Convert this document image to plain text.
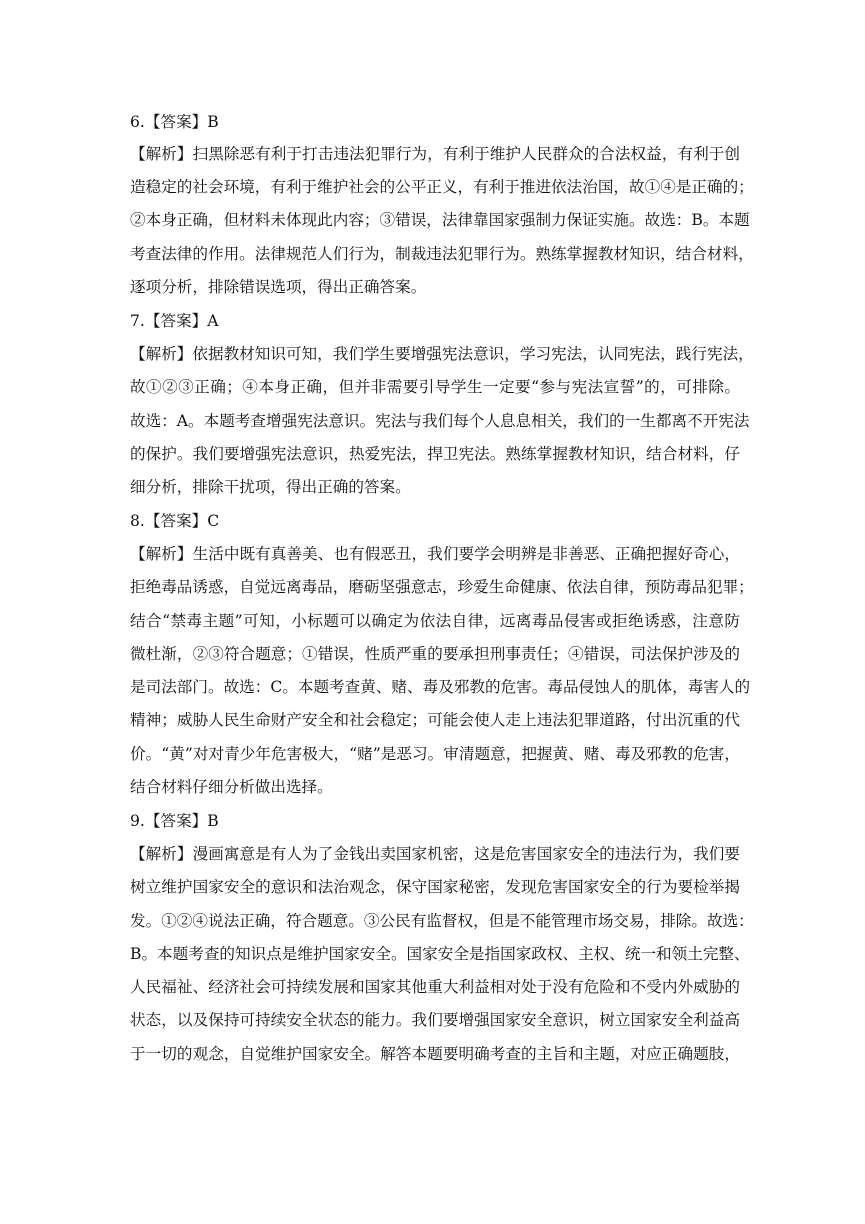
6.【答案】B
【解析】扫黑除恶有利于打击违法犯罪行为，有利于维护人民群众的合法权益，有利于创
造稳定的社会环境，有利于维护社会的公平正义，有利于推进依法治国，故①④是正确的；
②本身正确，但材料未体现此内容；③错误，法律靠国家强制力保证实施。故选：B。本题
考查法律的作用。法律规范人们行为，制裁违法犯罪行为。熟练掌握教材知识，结合材料，
逐项分析，排除错误选项，得出正确答案。
7.【答案】A
【解析】依据教材知识可知，我们学生要增强宪法意识，学习宪法，认同宪法，践行宪法，
故①②③正确；④本身正确，但并非需要引导学生一定要“参与宪法宣誓”的，可排除。
故选：A。本题考查增强宪法意识。宪法与我们每个人息息相关，我们的一生都离不开宪法
的保护。我们要增强宪法意识，热爱宪法，捍卫宪法。熟练掌握教材知识，结合材料，仔
细分析，排除干扰项，得出正确的答案。
8.【答案】C
【解析】生活中既有真善美、也有假恶丑，我们要学会明辨是非善恶、正确把握好奇心，
拒绝毒品诱惑，自觉远离毒品，磨砺坚强意志，珍爱生命健康、依法自律，预防毒品犯罪；
结合“禁毒主题”可知，小标题可以确定为依法自律，远离毒品侵害或拒绝诱惑，注意防
微杜渐，②③符合题意；①错误，性质严重的要承担刑事责任；④错误，司法保护涉及的
是司法部门。故选：C。本题考查黄、赌、毒及邪教的危害。毒品侵蚀人的肌体，毒害人的
精神；威胁人民生命财产安全和社会稳定；可能会使人走上违法犯罪道路，付出沉重的代
价。“黄”对对青少年危害极大，“赌”是恶习。审清题意，把握黄、赌、毒及邪教的危害，
结合材料仔细分析做出选择。
9.【答案】B
【解析】漫画寓意是有人为了金钱出卖国家机密，这是危害国家安全的违法行为，我们要
树立维护国家安全的意识和法治观念，保守国家秘密，发现危害国家安全的行为要检举揭
发。①②④说法正确，符合题意。③公民有监督权，但是不能管理市场交易，排除。故选：
B。本题考查的知识点是维护国家安全。国家安全是指国家政权、主权、统一和领土完整、
人民福祉、经济社会可持续发展和国家其他重大利益相对处于没有危险和不受内外威胁的
状态，以及保持可持续安全状态的能力。我们要增强国家安全意识，树立国家安全利益高
于一切的观念，自觉维护国家安全。解答本题要明确考查的主旨和主题，对应正确题肢，
